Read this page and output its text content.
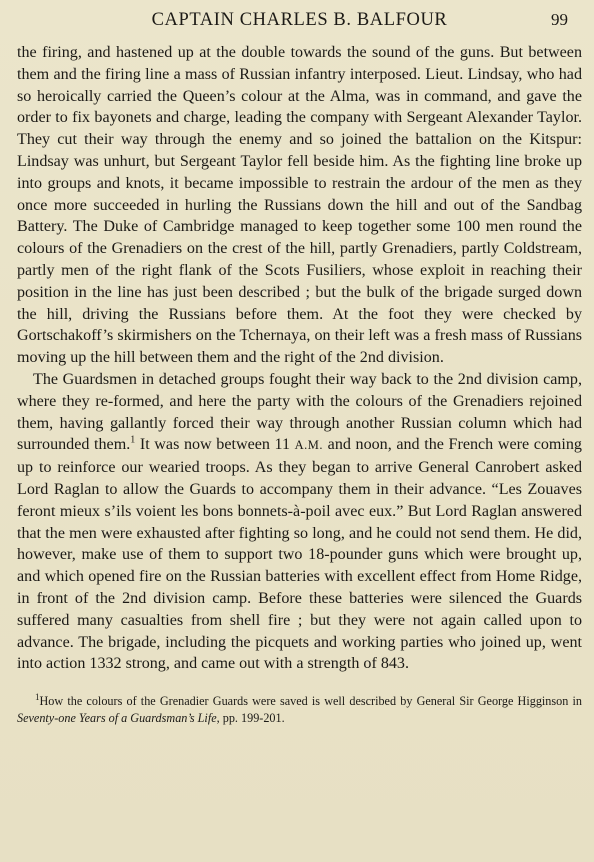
CAPTAIN CHARLES B. BALFOUR	99

the firing, and hastened up at the double towards the sound of the guns. But between them and the firing line a mass of Russian infantry interposed. Lieut. Lindsay, who had so heroically carried the Queen’s colour at the Alma, was in command, and gave the order to fix bayonets and charge, leading the company with Sergeant Alexander Taylor. They cut their way through the enemy and so joined the battalion on the Kitspur: Lindsay was unhurt, but Sergeant Taylor fell beside him. As the fighting line broke up into groups and knots, it became impossible to restrain the ardour of the men as they once more succeeded in hurling the Russians down the hill and out of the Sandbag Battery. The Duke of Cambridge managed to keep together some 100 men round the colours of the Grenadiers on the crest of the hill, partly Grenadiers, partly Coldstream, partly men of the right flank of the Scots Fusiliers, whose exploit in reaching their position in the line has just been described ; but the bulk of the brigade surged down the hill, driving the Russians before them. At the foot they were checked by Gortschakoff’s skirmishers on the Tchernaya, on their left was a fresh mass of Russians moving up the hill between them and the right of the 2nd division.

The Guardsmen in detached groups fought their way back to the 2nd division camp, where they re-formed, and here the party with the colours of the Grenadiers rejoined them, having gallantly forced their way through another Russian column which had surrounded them.$^1$ It was now between 11 A.M. and noon, and the French were coming up to reinforce our wearied troops. As they began to arrive General Canrobert asked Lord Raglan to allow the Guards to accompany them in their advance. “Les Zouaves feront mieux s’ils voient les bons bonnets-à-poil avec eux.” But Lord Raglan answered that the men were exhausted after fighting so long, and he could not send them. He did, however, make use of them to support two 18-pounder guns which were brought up, and which opened fire on the Russian batteries with excellent effect from Home Ridge, in front of the 2nd division camp. Before these batteries were silenced the Guards suffered many casualties from shell fire ; but they were not again called upon to advance. The brigade, including the picquets and working parties who joined up, went into action 1332 strong, and came out with a strength of 843.

$^1$How the colours of the Grenadier Guards were saved is well described by General Sir George Higginson in Seventy-one Years of a Guardsman’s Life, pp. 199-201.
